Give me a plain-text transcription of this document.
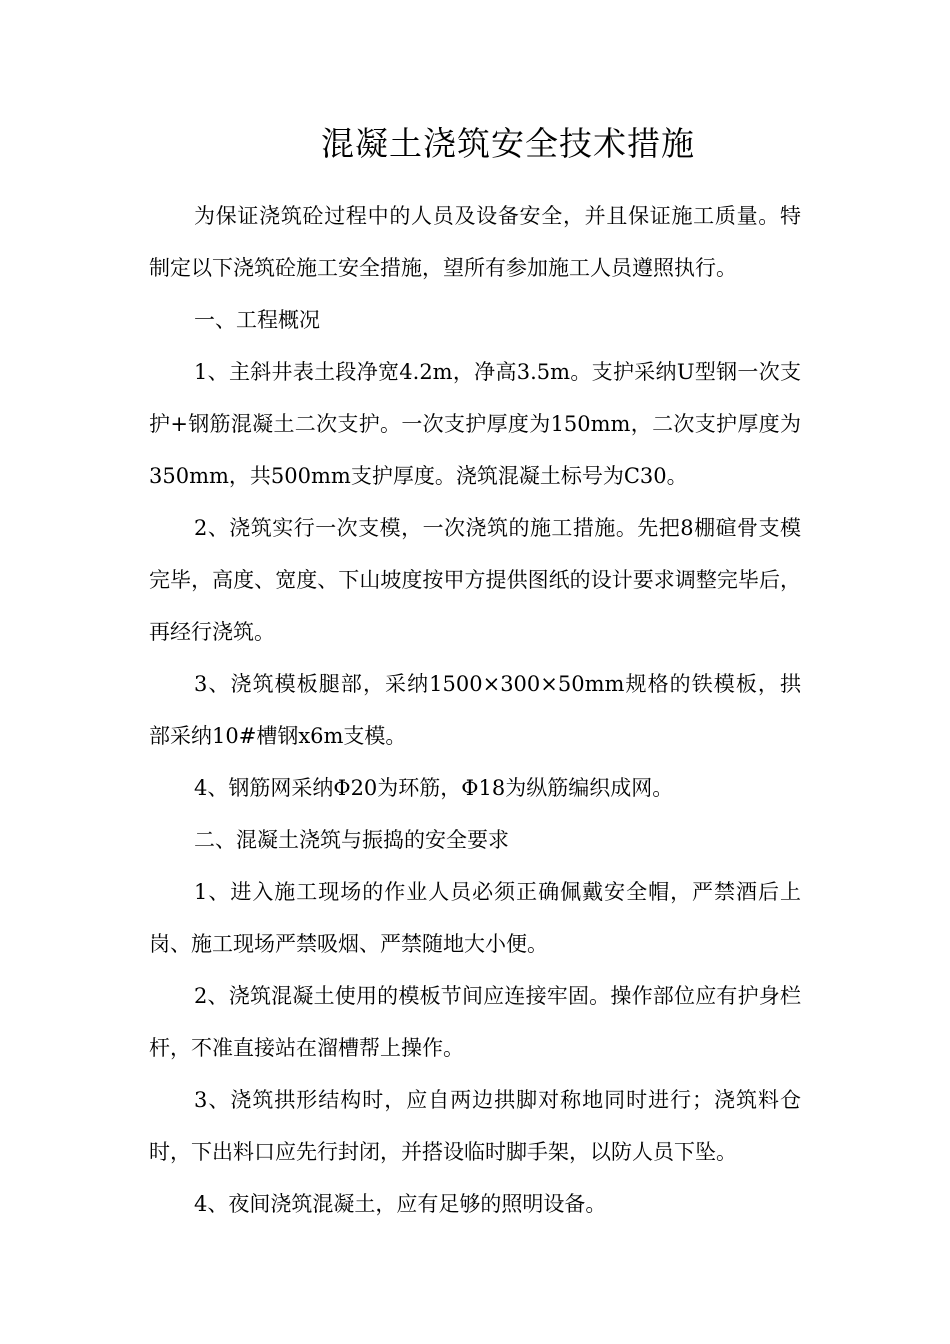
混凝土浇筑安全技术措施

为保证浇筑砼过程中的人员及设备安全，并且保证施工质量。特制定以下浇筑砼施工安全措施，望所有参加施工人员遵照执行。

一、工程概况

1、主斜井表土段净宽4.2m，净高3.5m。支护采纳U型钢一次支护+钢筋混凝土二次支护。一次支护厚度为150mm，二次支护厚度为350mm，共500mm支护厚度。浇筑混凝土标号为C30。

2、浇筑实行一次支模，一次浇筑的施工措施。先把8棚碹骨支模完毕，高度、宽度、下山坡度按甲方提供图纸的设计要求调整完毕后，再经行浇筑。

3、浇筑模板腿部，采纳1500×300×50mm规格的铁模板，拱部采纳10#槽钢x6m支模。

4、钢筋网采纳Φ20为环筋，Φ18为纵筋编织成网。

二、混凝土浇筑与振捣的安全要求

1、进入施工现场的作业人员必须正确佩戴安全帽，严禁酒后上岗、施工现场严禁吸烟、严禁随地大小便。

2、浇筑混凝土使用的模板节间应连接牢固。操作部位应有护身栏杆，不准直接站在溜槽帮上操作。

3、浇筑拱形结构时，应自两边拱脚对称地同时进行；浇筑料仓时，下出料口应先行封闭，并搭设临时脚手架，以防人员下坠。

4、夜间浇筑混凝土，应有足够的照明设备。
